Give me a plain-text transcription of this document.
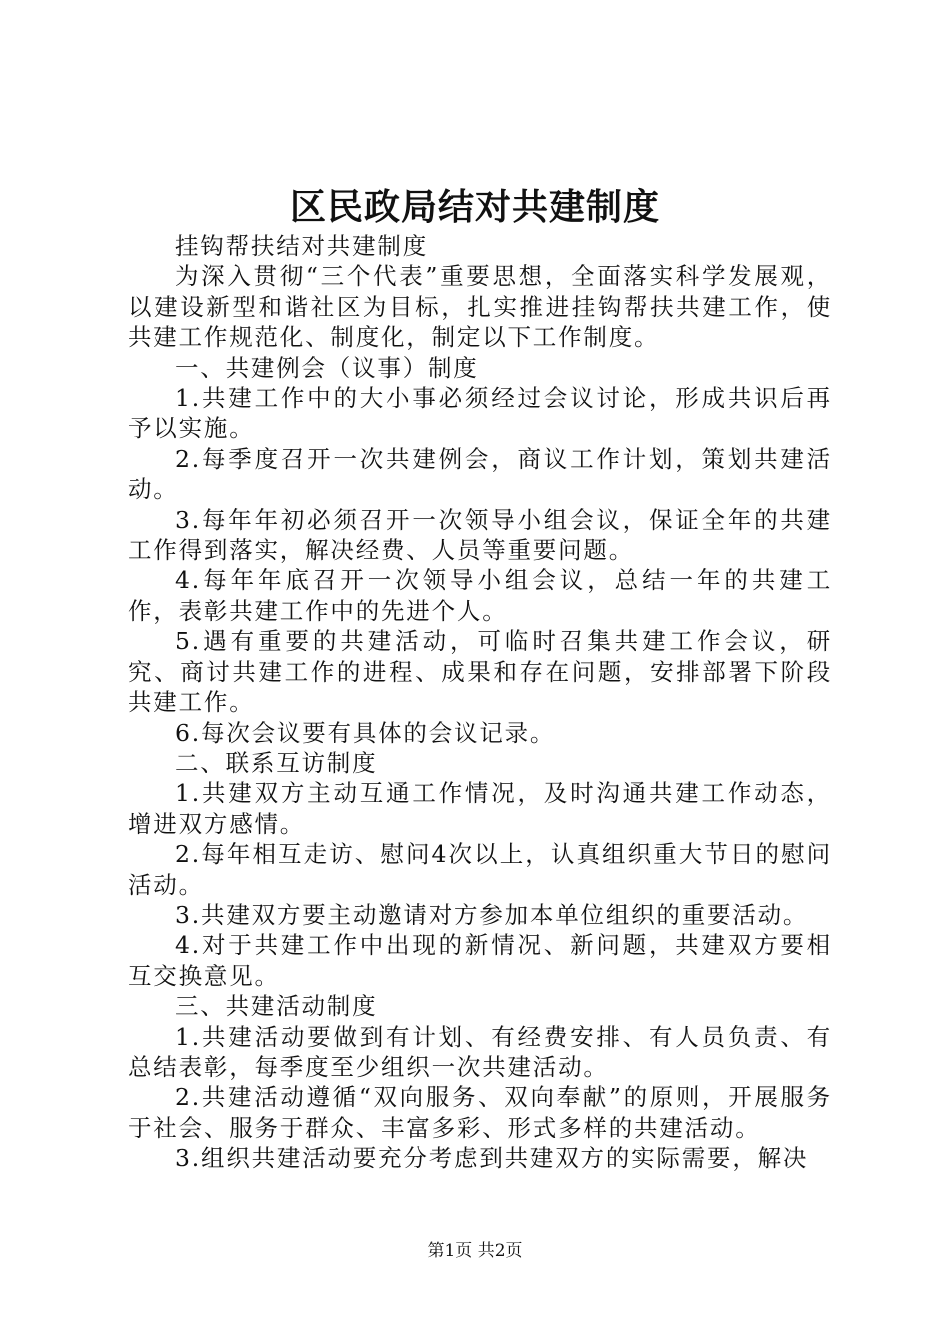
区民政局结对共建制度

挂钩帮扶结对共建制度

为深入贯彻“三个代表”重要思想，全面落实科学发展观，以建设新型和谐社区为目标，扎实推进挂钩帮扶共建工作，使共建工作规范化、制度化，制定以下工作制度。

一、共建例会（议事）制度

1.共建工作中的大小事必须经过会议讨论，形成共识后再予以实施。

2.每季度召开一次共建例会，商议工作计划，策划共建活动。

3.每年年初必须召开一次领导小组会议，保证全年的共建工作得到落实，解决经费、人员等重要问题。

4.每年年底召开一次领导小组会议，总结一年的共建工作，表彰共建工作中的先进个人。

5.遇有重要的共建活动，可临时召集共建工作会议，研究、商讨共建工作的进程、成果和存在问题，安排部署下阶段共建工作。

6.每次会议要有具体的会议记录。

二、联系互访制度

1.共建双方主动互通工作情况，及时沟通共建工作动态，增进双方感情。

2.每年相互走访、慰问4次以上，认真组织重大节日的慰问活动。

3.共建双方要主动邀请对方参加本单位组织的重要活动。

4.对于共建工作中出现的新情况、新问题，共建双方要相互交换意见。

三、共建活动制度

1.共建活动要做到有计划、有经费安排、有人员负责、有总结表彰，每季度至少组织一次共建活动。

2.共建活动遵循“双向服务、双向奉献”的原则，开展服务于社会、服务于群众、丰富多彩、形式多样的共建活动。

3.组织共建活动要充分考虑到共建双方的实际需要，解决

第1页 共2页
